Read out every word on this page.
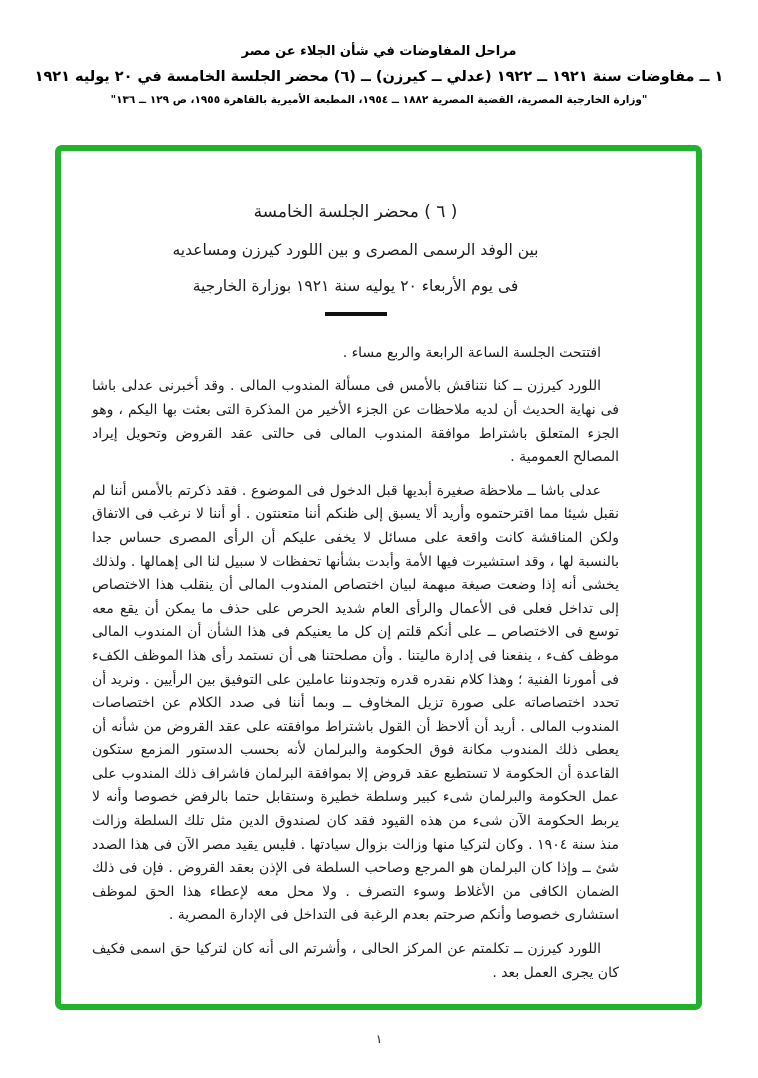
مراحل المفاوضات في شأن الجلاء عن مصر
١ ــ مفاوضات سنة ١٩٢١ ــ ١٩٢٢ (عدلي ــ كيرزن) ــ (٦) محضر الجلسة الخامسة في ٢٠ يوليه ١٩٢١
"وزارة الخارجية المصرية، القضية المصرية ١٨٨٢ ــ ١٩٥٤، المطبعة الأميرية بالقاهرة ١٩٥٥، ص ١٢٩ ــ ١٣٦"
( ٦ ) محضر الجلسة الخامسة
بين الوفد الرسمى المصرى و بين اللورد كيرزن ومساعديه
فى يوم الأربعاء ٢٠ يوليه سنة ١٩٢١ بوزارة الخارجية

افتتحت الجلسة الساعة الرابعة والربع مساء .

اللورد كيرزن ــ كنا نتناقش بالأمس فى مسألة المندوب المالى . وقد أخبرنى عدلى باشا فى نهاية الحديث أن لديه ملاحظات عن الجزء الأخير من المذكرة التى بعثت بها اليكم ، وهو الجزء المتعلق باشتراط موافقة المندوب المالى فى حالتى عقد القروض وتحويل إيراد المصالح العمومية .

عدلى باشا ــ ملاحظة صغيرة أبديها قبل الدخول فى الموضوع . فقد ذكرتم بالأمس أننا لم نقبل شيئا مما اقترحتموه وأريد ألا يسبق إلى ظنكم أننا متعنتون . أو أننا لا نرغب فى الاتفاق ولكن المناقشة كانت واقعة على مسائل لا يخفى عليكم أن الرأى المصرى حساس جدا بالنسبة لها ، وقد استشيرت فيها الأمة وأبدت بشأنها تحفظات لا سبيل لنا الى إهمالها . ولذلك يخشى أنه إذا وضعت صيغة مبهمة لبيان اختصاص المندوب المالى أن ينقلب هذا الاختصاص إلى تداخل فعلى فى الأعمال والرأى العام شديد الحرص على حذف ما يمكن أن يقع معه توسع فى الاختصاص ــ على أنكم قلتم إن كل ما يعنيكم فى هذا الشأن أن المندوب المالى موظف كفء ، ينفعنا فى إدارة ماليتنا . وأن مصلحتنا هى أن نستمد رأى هذا الموظف الكفء فى أمورنا الفنية ؛ وهذا كلام نقدره قدره وتجدوننا عاملين على التوفيق بين الرأيين . ونريد أن تحدد اختصاصاته على صورة تزيل المخاوف ــ وبما أننا فى صدد الكلام عن اختصاصات المندوب المالى . أريد أن ألاحظ أن القول باشتراط موافقته على عقد القروض من شأنه أن يعطى ذلك المندوب مكانة فوق الحكومة والبرلمان لأنه بحسب الدستور المزمع ستكون القاعدة أن الحكومة لا تستطيع عقد قروض إلا بموافقة البرلمان فاشراف ذلك المندوب على عمل الحكومة والبرلمان شىء كبير وسلطة خطيرة وستقابل حتما بالرفض خصوصا وأنه لا يربط الحكومة الآن شىء من هذه القيود فقد كان لصندوق الدين مثل تلك السلطة وزالت منذ سنة ١٩٠٤ . وكان لتركيا منها وزالت بزوال سيادتها . فليس يقيد مصر الآن فى هذا الصدد شئ ــ وإذا كان البرلمان هو المرجع وصاحب السلطة فى الإذن بعقد القروض . فإن فى ذلك الضمان الكافى من الأغلاط وسوء التصرف . ولا محل معه لإعطاء هذا الحق لموظف استشارى خصوصا وأنكم صرحتم بعدم الرغبة فى التداخل فى الإدارة المصرية .

اللورد كيرزن ــ تكلمتم عن المركز الحالى ، وأشرتم الى أنه كان لتركيا حق اسمى فكيف كان يجرى العمل بعد .

١
